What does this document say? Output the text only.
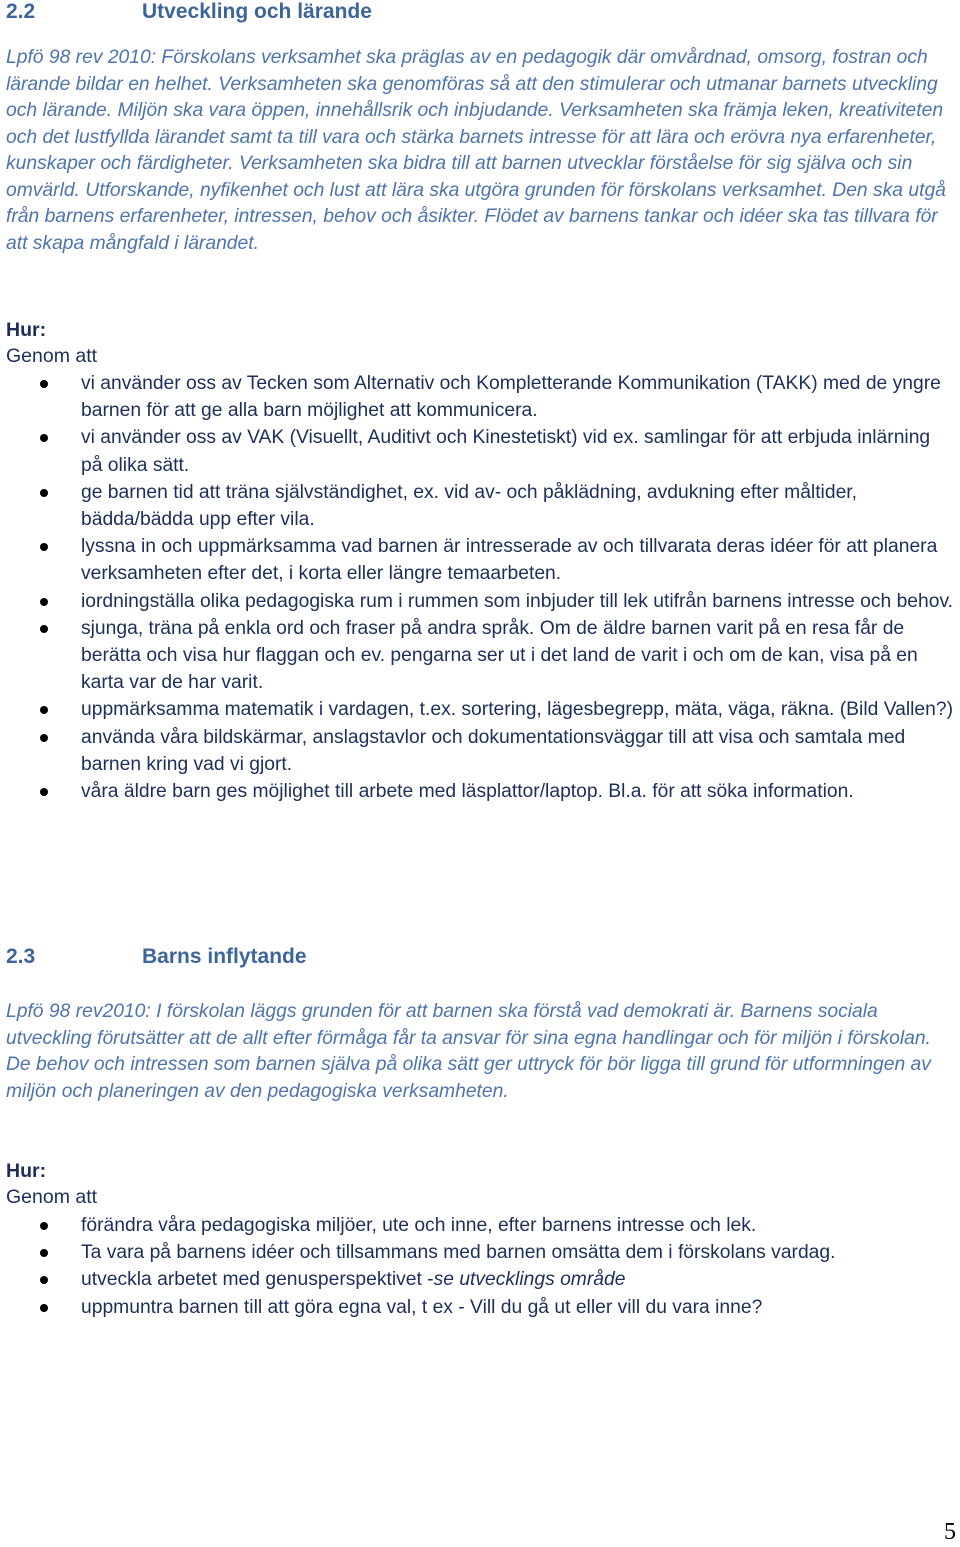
2.2	Utveckling och lärande

Lpfö 98 rev 2010: Förskolans verksamhet ska präglas av en pedagogik där omvårdnad, omsorg, fostran och lärande bildar en helhet. Verksamheten ska genomföras så att den stimulerar och utmanar barnets utveckling och lärande. Miljön ska vara öppen, innehållsrik och inbjudande. Verksamheten ska främja leken, kreativiteten och det lustfyllda lärandet samt ta till vara och stärka barnets intresse för att lära och erövra nya erfarenheter, kunskaper och färdigheter. Verksamheten ska bidra till att barnen utvecklar förståelse för sig själva och sin omvärld. Utforskande, nyfikenhet och lust att lära ska utgöra grunden för förskolans verksamhet. Den ska utgå från barnens erfarenheter, intressen, behov och åsikter. Flödet av barnens tankar och idéer ska tas tillvara för att skapa mångfald i lärandet.

Hur:
Genom att
vi använder oss av Tecken som Alternativ och Kompletterande Kommunikation (TAKK) med de yngre barnen för att ge alla barn möjlighet att kommunicera.
vi använder oss av VAK (Visuellt, Auditivt och Kinestetiskt) vid ex. samlingar för att erbjuda inlärning på olika sätt.
ge barnen tid att träna självständighet, ex. vid av- och påklädning, avdukning efter måltider, bädda/bädda upp efter vila.
lyssna in och uppmärksamma vad barnen är intresserade av och tillvarata deras idéer för att planera verksamheten efter det, i korta eller längre temaarbeten.
iordningställa olika pedagogiska rum i rummen som inbjuder till lek utifrån barnens intresse och behov.
sjunga, träna på enkla ord och fraser på andra språk. Om de äldre barnen varit på en resa får de berätta och visa hur flaggan och ev. pengarna ser ut i det land de varit i och om de kan, visa på en karta var de har varit.
uppmärksamma matematik i vardagen, t.ex. sortering, lägesbegrepp, mäta, väga, räkna. (Bild Vallen?)
använda våra bildskärmar, anslagstavlor och dokumentationsväggar till att visa och samtala med barnen kring vad vi gjort.
våra äldre barn ges möjlighet till arbete med läsplattor/laptop. Bl.a. för att söka information.
2.3	Barns inflytande

Lpfö 98 rev2010: I förskolan läggs grunden för att barnen ska förstå vad demokrati är. Barnens sociala utveckling förutsätter att de allt efter förmåga får ta ansvar för sina egna handlingar och för miljön i förskolan. De behov och intressen som barnen själva på olika sätt ger uttryck för bör ligga till grund för utformningen av miljön och planeringen av den pedagogiska verksamheten.

Hur:
Genom att
förändra våra pedagogiska miljöer, ute och inne, efter barnens intresse och lek.
Ta vara på barnens idéer och tillsammans med barnen omsätta dem i förskolans vardag.
utveckla arbetet med genusperspektivet -se utvecklings område
uppmuntra barnen till att göra egna val, t ex - Vill du gå ut eller vill du vara inne?
5
